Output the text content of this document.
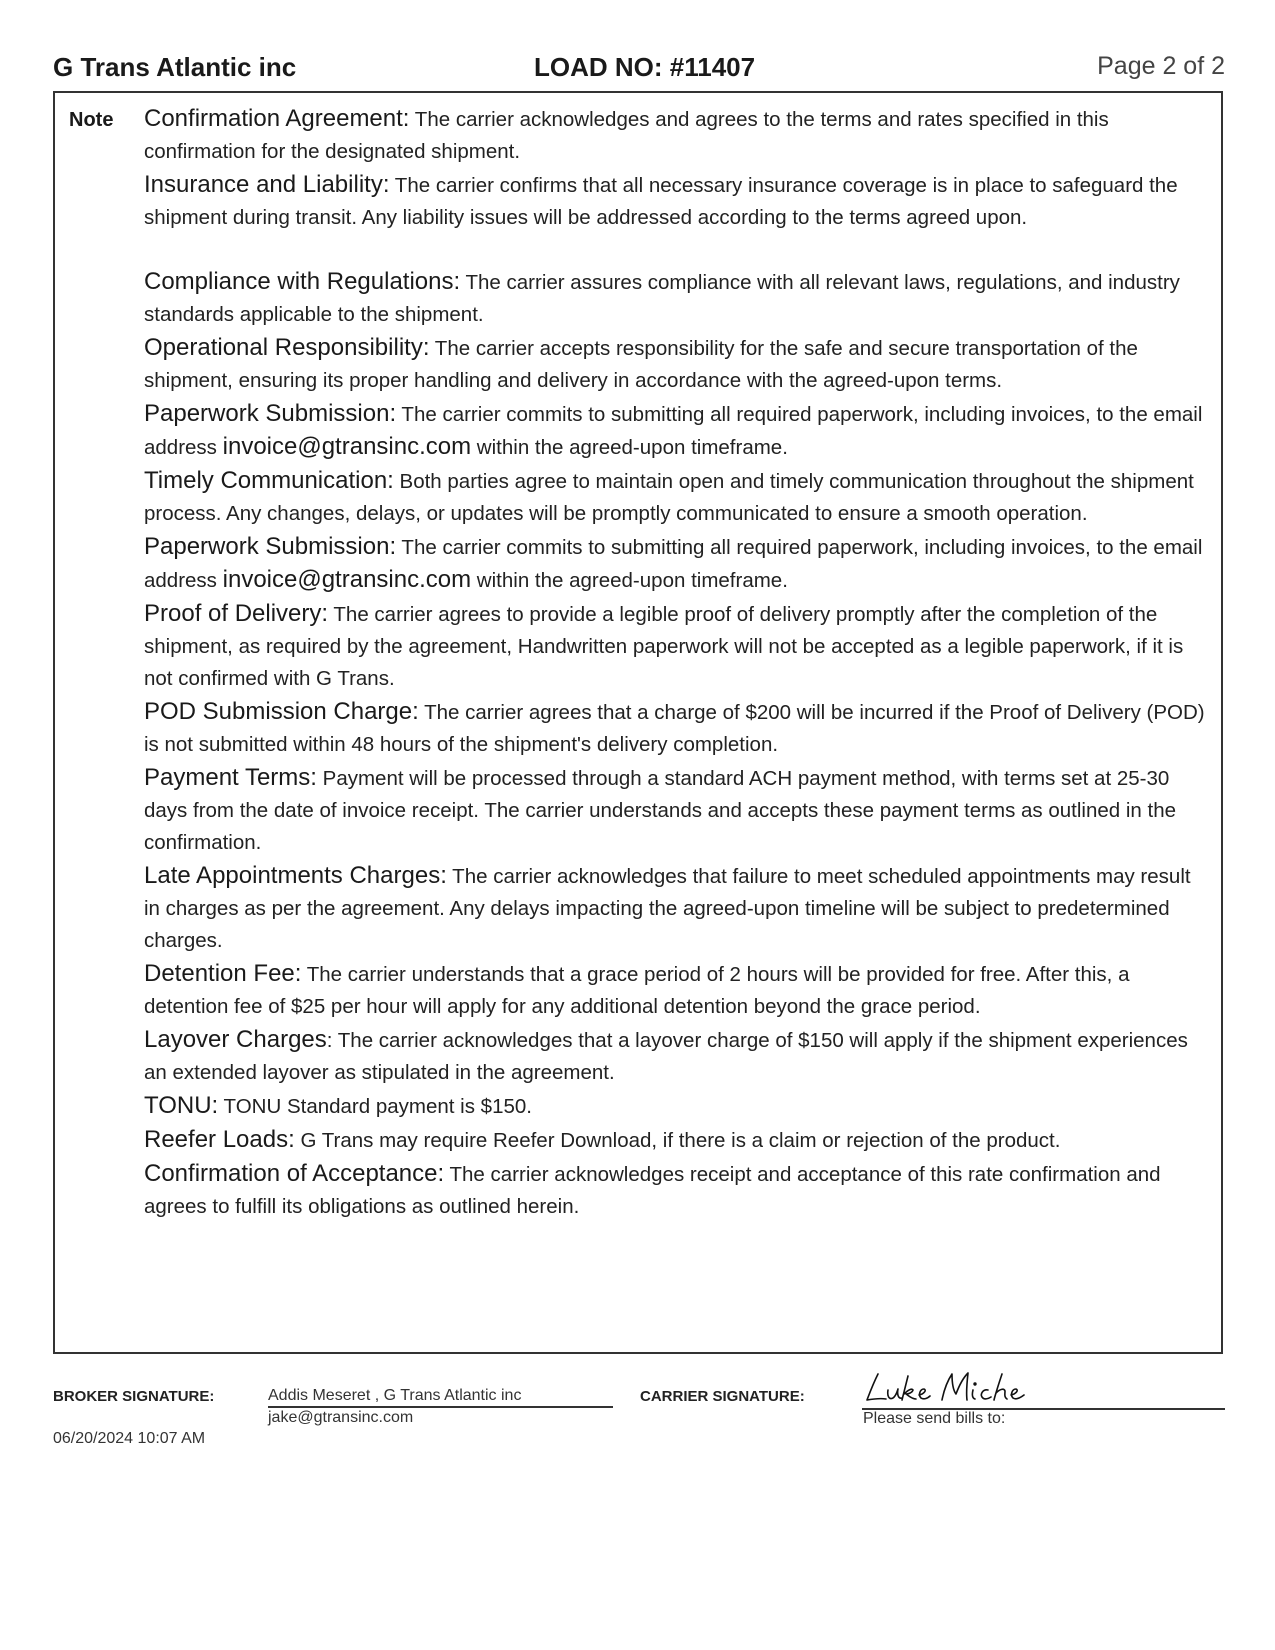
G Trans Atlantic inc	LOAD NO: #11407	Page 2 of 2
Note Confirmation Agreement: The carrier acknowledges and agrees to the terms and rates specified in this confirmation for the designated shipment.

Insurance and Liability: The carrier confirms that all necessary insurance coverage is in place to safeguard the shipment during transit. Any liability issues will be addressed according to the terms agreed upon.

Compliance with Regulations: The carrier assures compliance with all relevant laws, regulations, and industry standards applicable to the shipment.

Operational Responsibility: The carrier accepts responsibility for the safe and secure transportation of the shipment, ensuring its proper handling and delivery in accordance with the agreed-upon terms.

Paperwork Submission: The carrier commits to submitting all required paperwork, including invoices, to the email address invoice@gtransinc.com within the agreed-upon timeframe.

Timely Communication: Both parties agree to maintain open and timely communication throughout the shipment process. Any changes, delays, or updates will be promptly communicated to ensure a smooth operation.

Paperwork Submission: The carrier commits to submitting all required paperwork, including invoices, to the email address invoice@gtransinc.com within the agreed-upon timeframe.

Proof of Delivery: The carrier agrees to provide a legible proof of delivery promptly after the completion of the shipment, as required by the agreement, Handwritten paperwork will not be accepted as a legible paperwork, if it is not confirmed with G Trans.

POD Submission Charge: The carrier agrees that a charge of $200 will be incurred if the Proof of Delivery (POD) is not submitted within 48 hours of the shipment's delivery completion.

Payment Terms: Payment will be processed through a standard ACH payment method, with terms set at 25-30 days from the date of invoice receipt. The carrier understands and accepts these payment terms as outlined in the confirmation.

Late Appointments Charges: The carrier acknowledges that failure to meet scheduled appointments may result in charges as per the agreement. Any delays impacting the agreed-upon timeline will be subject to predetermined charges.

Detention Fee: The carrier understands that a grace period of 2 hours will be provided for free. After this, a detention fee of $25 per hour will apply for any additional detention beyond the grace period.

Layover Charges: The carrier acknowledges that a layover charge of $150 will apply if the shipment experiences an extended layover as stipulated in the agreement.

TONU: TONU Standard payment is $150.

Reefer Loads: G Trans may require Reefer Download, if there is a claim or rejection of the product.

Confirmation of Acceptance: The carrier acknowledges receipt and acceptance of this rate confirmation and agrees to fulfill its obligations as outlined herein.

BROKER SIGNATURE:	Addis Meseret , G Trans Atlantic inc
jake@gtransinc.com
06/20/2024 10:07 AM
CARRIER SIGNATURE:
Please send bills to:
